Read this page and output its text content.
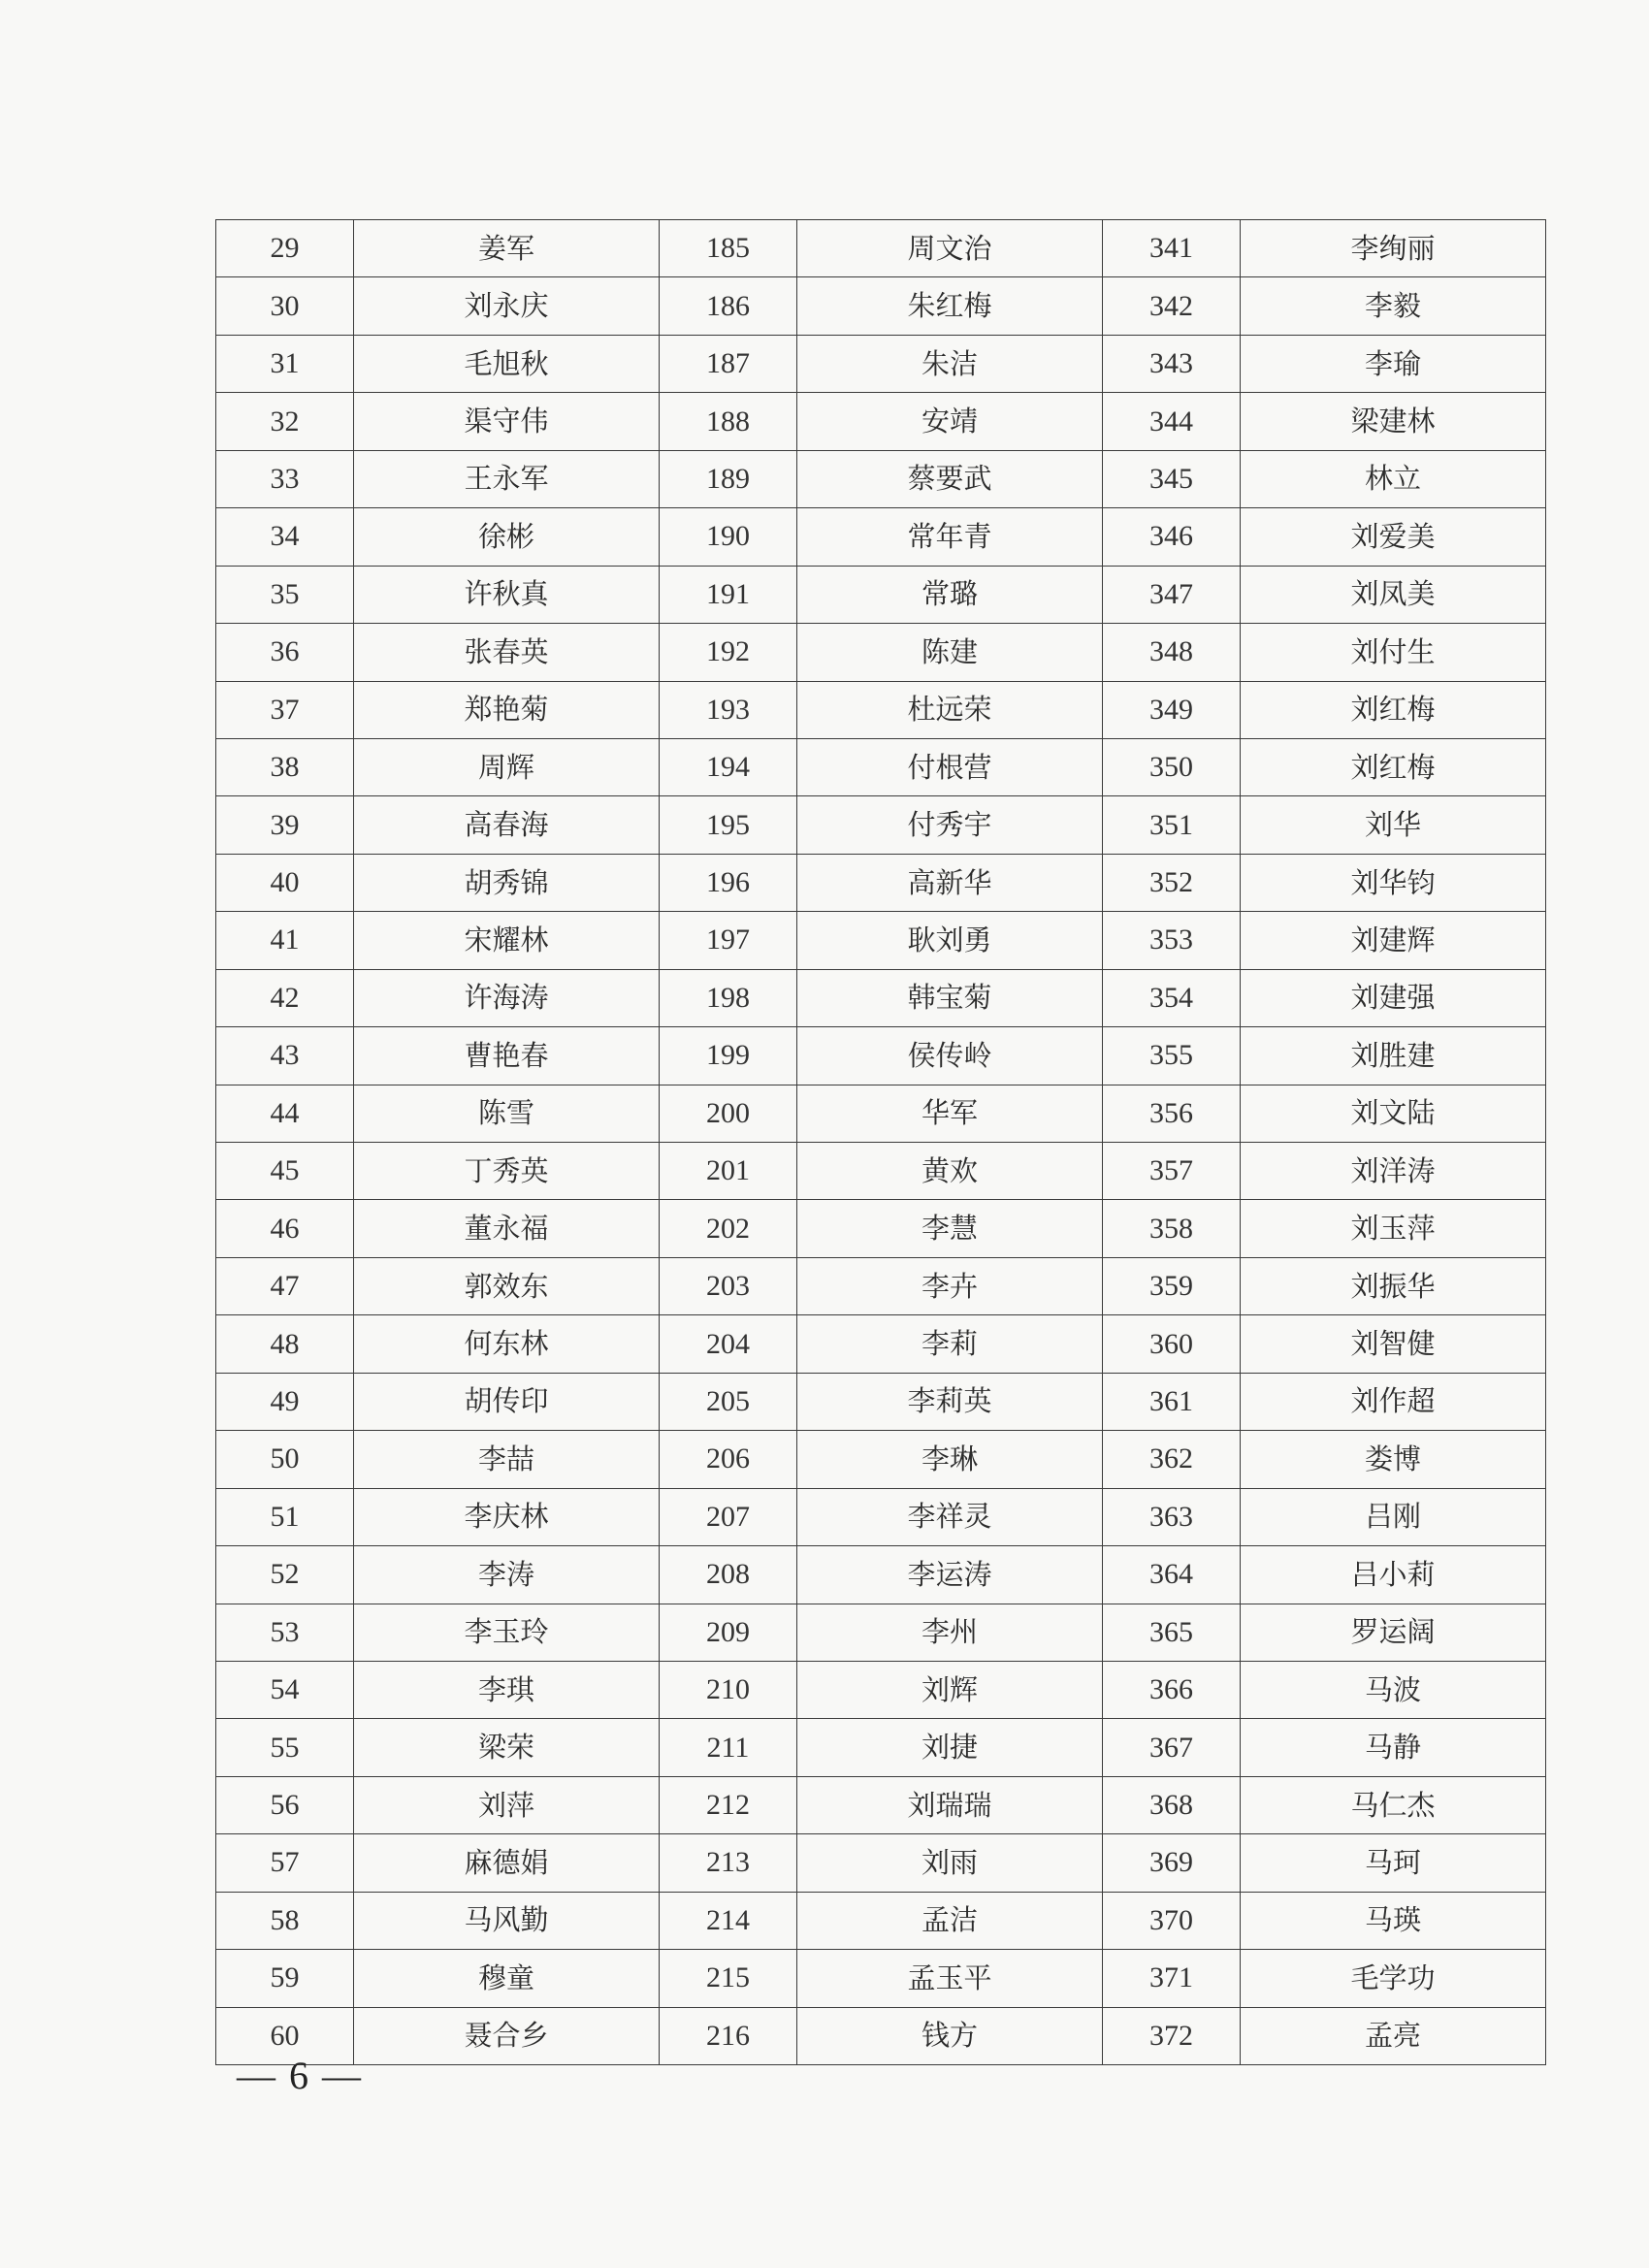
29	姜军	185	周文治	341	李绚丽
30	刘永庆	186	朱红梅	342	李毅
31	毛旭秋	187	朱洁	343	李瑜
32	渠守伟	188	安靖	344	梁建林
33	王永军	189	蔡要武	345	林立
34	徐彬	190	常年青	346	刘爱美
35	许秋真	191	常璐	347	刘凤美
36	张春英	192	陈建	348	刘付生
37	郑艳菊	193	杜远荣	349	刘红梅
38	周辉	194	付根营	350	刘红梅
39	高春海	195	付秀宇	351	刘华
40	胡秀锦	196	高新华	352	刘华钧
41	宋耀林	197	耿刘勇	353	刘建辉
42	许海涛	198	韩宝菊	354	刘建强
43	曹艳春	199	侯传岭	355	刘胜建
44	陈雪	200	华军	356	刘文陆
45	丁秀英	201	黄欢	357	刘洋涛
46	董永福	202	李慧	358	刘玉萍
47	郭效东	203	李卉	359	刘振华
48	何东林	204	李莉	360	刘智健
49	胡传印	205	李莉英	361	刘作超
50	李喆	206	李琳	362	娄博
51	李庆林	207	李祥灵	363	吕刚
52	李涛	208	李运涛	364	吕小莉
53	李玉玲	209	李州	365	罗运阔
54	李琪	210	刘辉	366	马波
55	梁荣	211	刘捷	367	马静
56	刘萍	212	刘瑞瑞	368	马仁杰
57	麻德娟	213	刘雨	369	马珂
58	马风勤	214	孟洁	370	马瑛
59	穆童	215	孟玉平	371	毛学功
60	聂合乡	216	钱方	372	孟亮
— 6 —
